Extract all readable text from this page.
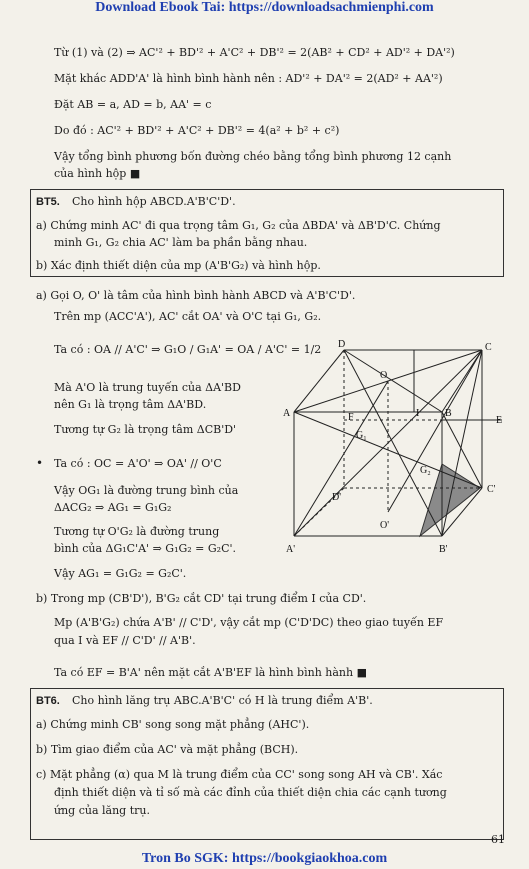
Download Ebook Tai: https://downloadsachmienphi.com
Từ (1) và (2) ⇒ AC'² + BD'² + A'C² + DB'² = 2(AB² + CD² + AD'² + DA'²)
Mặt khác ADD'A' là hình bình hành nên : AD'² + DA'² = 2(AD² + AA'²)
Đặt AB = a, AD = b, AA' = c
Do đó : AC'² + BD'² + A'C² + DB'² = 4(a² + b² + c²)
Vậy tổng bình phương bốn đường chéo bằng tổng bình phương 12 cạnh
của hình hộp ■
BT5. Cho hình hộp ABCD.A'B'C'D'.
a) Chứng minh AC' đi qua trọng tâm G₁, G₂ của ΔBDA' và ΔB'D'C. Chứng
minh G₁, G₂ chia AC' làm ba phần bằng nhau.
b) Xác định thiết diện của mp (A'B'G₂) và hình hộp.
a) Gọi O, O' là tâm của hình bình hành ABCD và A'B'C'D'.
Trên mp (ACC'A'), AC' cắt OA' và O'C tại G₁, G₂.
Ta có : OA // A'C' ⇒ G₁O / G₁A' = OA / A'C' = 1/2
Mà A'O là trung tuyến của ΔA'BD
nên G₁ là trọng tâm ΔA'BD.
Tương tự G₂ là trọng tâm ΔCB'D'
• Ta có : OC = A'O' ⇒ OA' // O'C
Vậy OG₁ là đường trung bình của
ΔACG₂ ⇒ AG₁ = G₁G₂
Tương tự O'G₂ là đường trung
bình của ΔG₁C'A' ⇒ G₁G₂ = G₂C'.
Vậy AG₁ = G₁G₂ = G₂C'.
b) Trong mp (CB'D'), B'G₂ cắt CD' tại trung điểm I của CD'.
Mp (A'B'G₂) chứa A'B' // C'D', vậy cắt mp (C'D'DC) theo giao tuyến EF
qua I và EF // C'D' // A'B'.
Ta có EF = B'A' nên mặt cắt A'B'EF là hình bình hành ■
D	C
A	B
E
F	I
O
O'
D'
C'
A'	B'
G₁
G₂
BT6. Cho hình lăng trụ ABC.A'B'C' có H là trung điểm A'B'.
a) Chứng minh CB' song song mặt phẳng (AHC').
b) Tìm giao điểm của AC' và mặt phẳng (BCH).
c) Mặt phẳng (α) qua M là trung điểm của CC' song song AH và CB'. Xác
định thiết diện và tỉ số mà các đỉnh của thiết diện chia các cạnh tương
ứng của lăng trụ.
61
Tron Bo SGK: https://bookgiaokhoa.com
